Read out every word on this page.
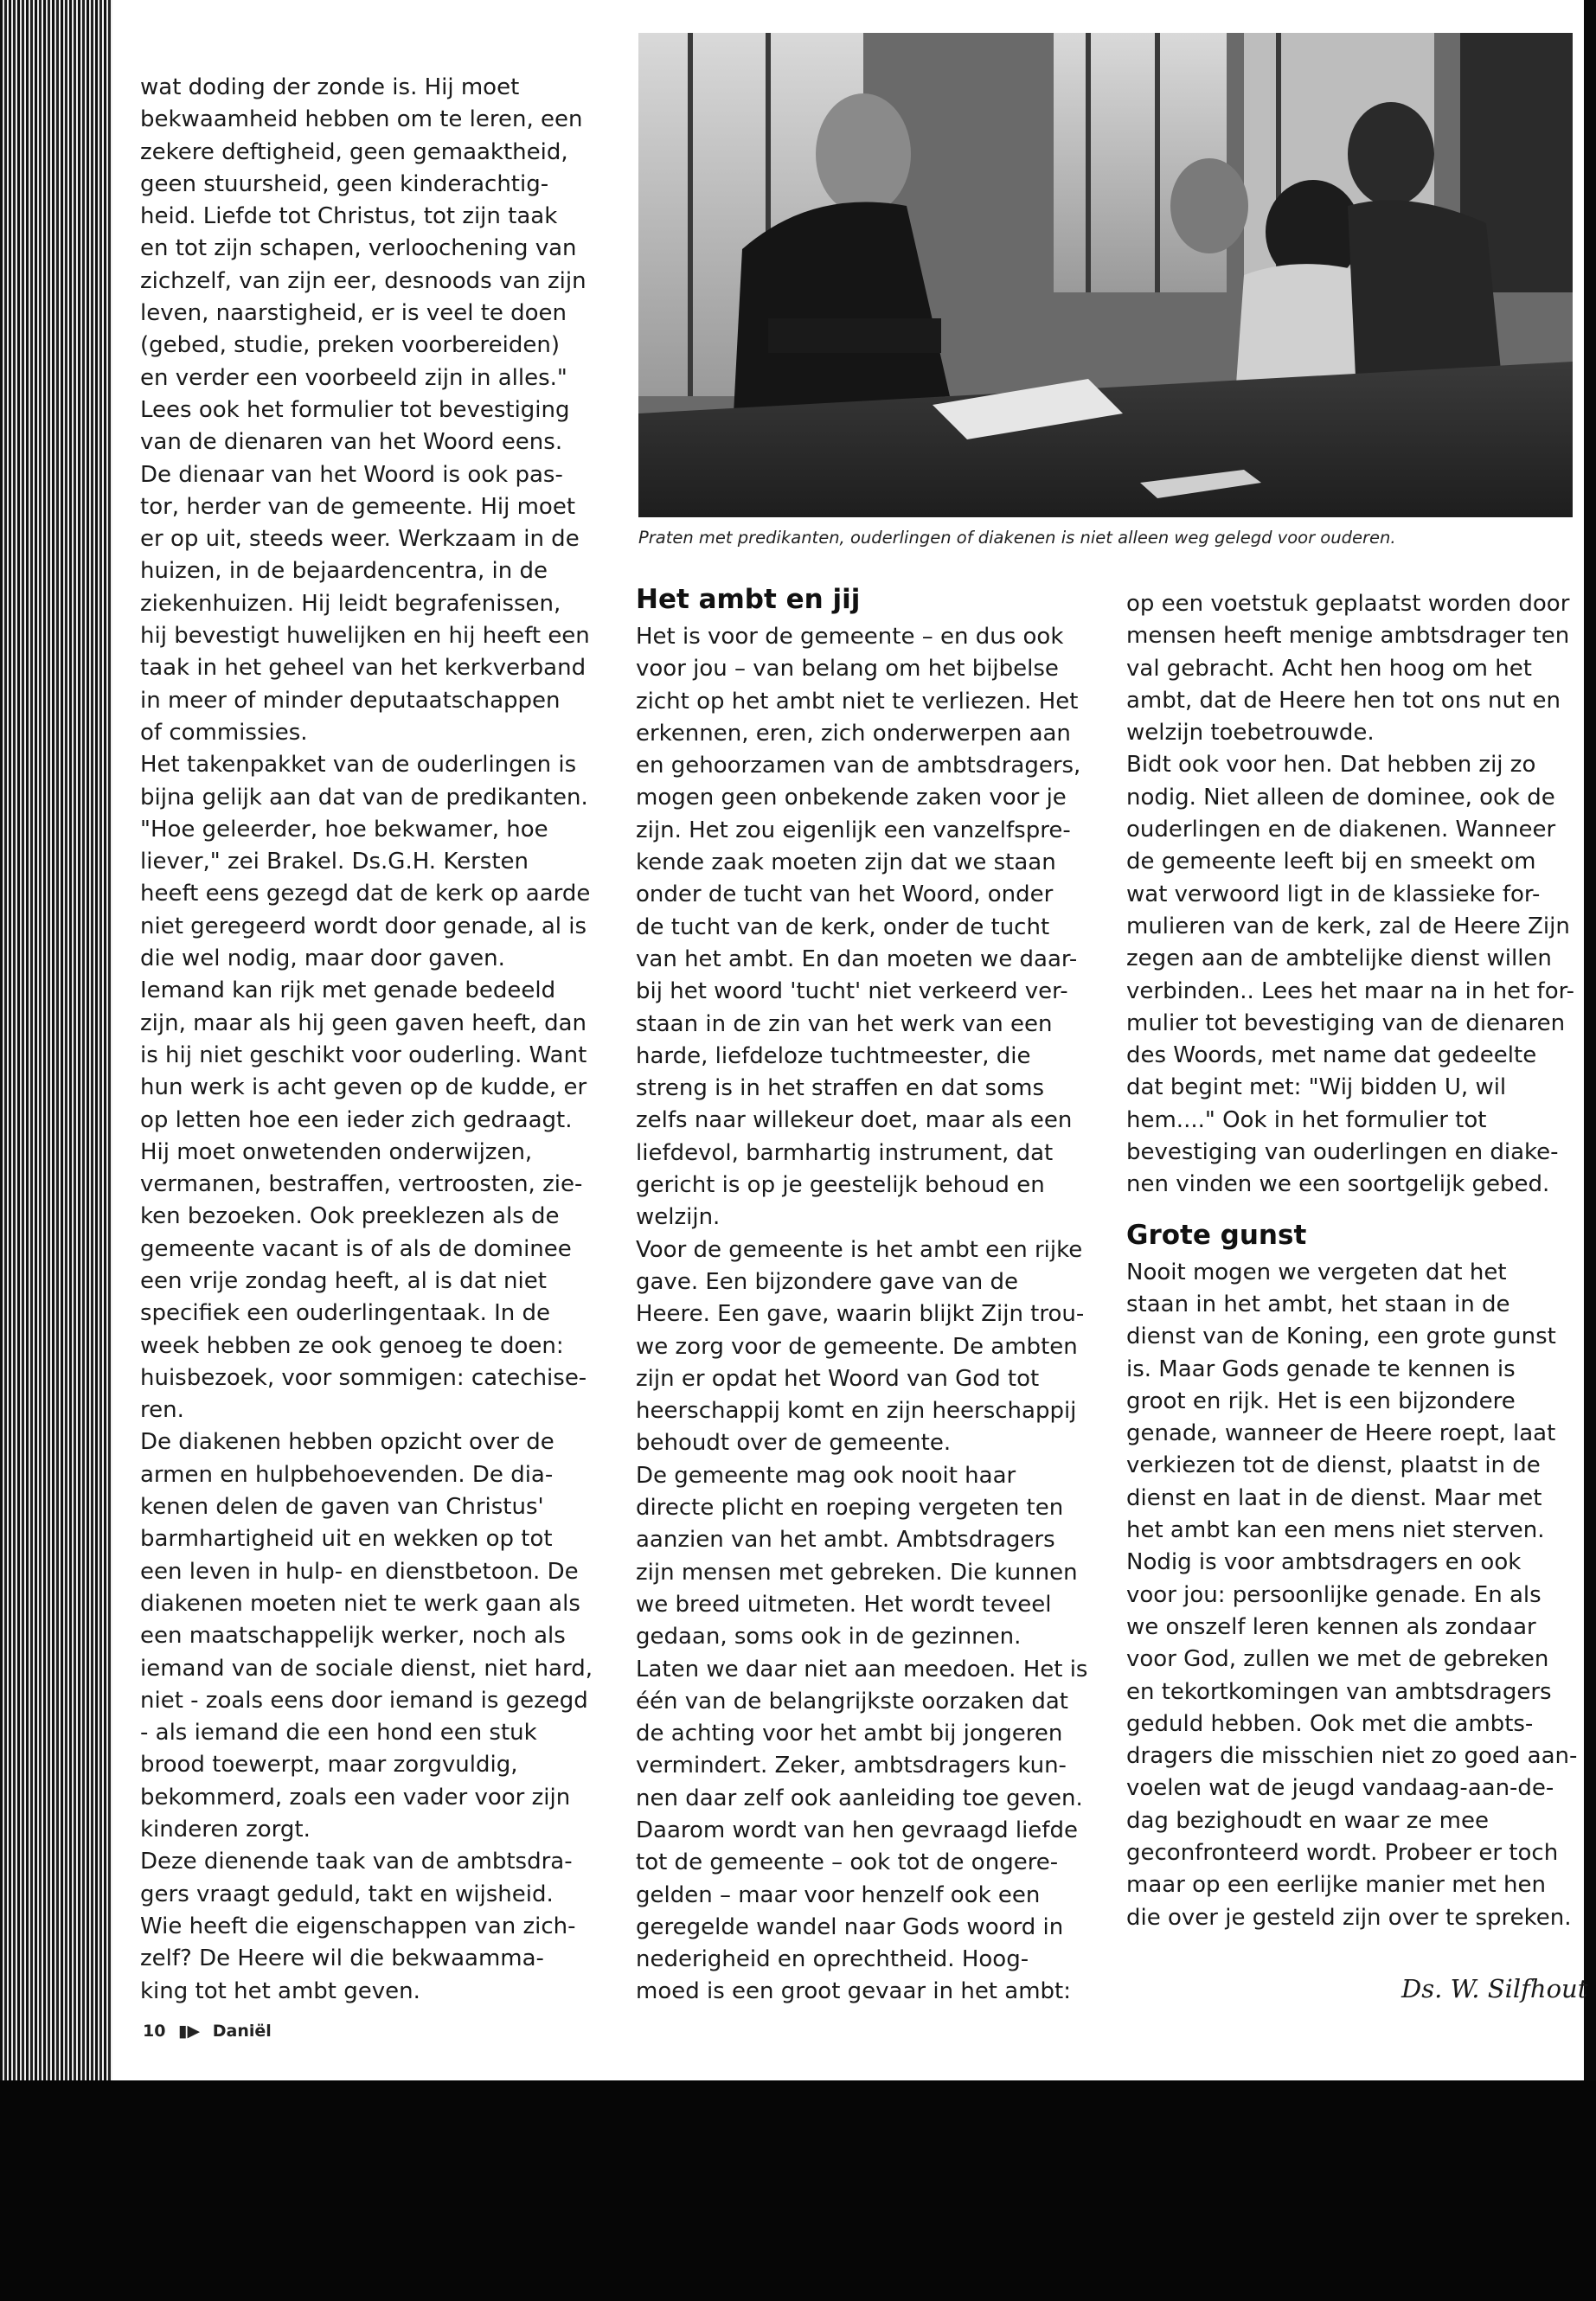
Praten met predikanten, ouderlingen of diakenen is niet alleen weg gelegd voor ouderen.

wat doding der zonde is. Hij moet

bekwaamheid hebben om te leren, een

zekere deftigheid, geen gemaaktheid,

geen stuursheid, geen kinderachtig-

heid. Liefde tot Christus, tot zijn taak

en tot zijn schapen, verloochening van

zichzelf, van zijn eer, desnoods van zijn

leven, naarstigheid, er is veel te doen

(gebed, studie, preken voorbereiden)

en verder een voorbeeld zijn in alles."

Lees ook het formulier tot bevestiging

van de dienaren van het Woord eens.

De dienaar van het Woord is ook pas-

tor, herder van de gemeente. Hij moet

er op uit, steeds weer. Werkzaam in de

huizen, in de bejaardencentra, in de

ziekenhuizen. Hij leidt begrafenissen,

hij bevestigt huwelijken en hij heeft een

taak in het geheel van het kerkverband

in meer of minder deputaatschappen

of commissies.

Het takenpakket van de ouderlingen is

bijna gelijk aan dat van de predikanten.

"Hoe geleerder, hoe bekwamer, hoe

liever," zei Brakel. Ds.G.H. Kersten

heeft eens gezegd dat de kerk op aarde

niet geregeerd wordt door genade, al is

die wel nodig, maar door gaven.

Iemand kan rijk met genade bedeeld

zijn, maar als hij geen gaven heeft, dan

is hij niet geschikt voor ouderling. Want

hun werk is acht geven op de kudde, er

op letten hoe een ieder zich gedraagt.

Hij moet onwetenden onderwijzen,

vermanen, bestraffen, vertroosten, zie-

ken bezoeken. Ook preeklezen als de

gemeente vacant is of als de dominee

een vrije zondag heeft, al is dat niet

specifiek een ouderlingentaak. In de

week hebben ze ook genoeg te doen:

huisbezoek, voor sommigen: catechise-

ren.

De diakenen hebben opzicht over de

armen en hulpbehoevenden. De dia-

kenen delen de gaven van Christus'

barmhartigheid uit en wekken op tot

een leven in hulp- en dienstbetoon. De

diakenen moeten niet te werk gaan als

een maatschappelijk werker, noch als

iemand van de sociale dienst, niet hard,

niet - zoals eens door iemand is gezegd

- als iemand die een hond een stuk

brood toewerpt, maar zorgvuldig,

bekommerd, zoals een vader voor zijn

kinderen zorgt.

Deze dienende taak van de ambtsdra-

gers vraagt geduld, takt en wijsheid.

Wie heeft die eigenschappen van zich-

zelf? De Heere wil die bekwaamma-

king tot het ambt geven.

Het ambt en jij

Het is voor de gemeente – en dus ook

voor jou – van belang om het bijbelse

zicht op het ambt niet te verliezen. Het

erkennen, eren, zich onderwerpen aan

en gehoorzamen van de ambtsdragers,

mogen geen onbekende zaken voor je

zijn. Het zou eigenlijk een vanzelfspre-

kende zaak moeten zijn dat we staan

onder de tucht van het Woord, onder

de tucht van de kerk, onder de tucht

van het ambt. En dan moeten we daar-

bij het woord 'tucht' niet verkeerd ver-

staan in de zin van het werk van een

harde, liefdeloze tuchtmeester, die

streng is in het straffen en dat soms

zelfs naar willekeur doet, maar als een

liefdevol, barmhartig instrument, dat

gericht is op je geestelijk behoud en

welzijn.

Voor de gemeente is het ambt een rijke

gave. Een bijzondere gave van de

Heere. Een gave, waarin blijkt Zijn trou-

we zorg voor de gemeente. De ambten

zijn er opdat het Woord van God tot

heerschappij komt en zijn heerschappij

behoudt over de gemeente.

De gemeente mag ook nooit haar

directe plicht en roeping vergeten ten

aanzien van het ambt. Ambtsdragers

zijn mensen met gebreken. Die kunnen

we breed uitmeten. Het wordt teveel

gedaan, soms ook in de gezinnen.

Laten we daar niet aan meedoen. Het is

één van de belangrijkste oorzaken dat

de achting voor het ambt bij jongeren

vermindert. Zeker, ambtsdragers kun-

nen daar zelf ook aanleiding toe geven.

Daarom wordt van hen gevraagd liefde

tot de gemeente – ook tot de ongere-

gelden – maar voor henzelf ook een

geregelde wandel naar Gods woord in

nederigheid en oprechtheid. Hoog-

moed is een groot gevaar in het ambt:

op een voetstuk geplaatst worden door

mensen heeft menige ambtsdrager ten

val gebracht. Acht hen hoog om het

ambt, dat de Heere hen tot ons nut en

welzijn toebetrouwde.

Bidt ook voor hen. Dat hebben zij zo

nodig. Niet alleen de dominee, ook de

ouderlingen en de diakenen. Wanneer

de gemeente leeft bij en smeekt om

wat verwoord ligt in de klassieke for-

mulieren van de kerk, zal de Heere Zijn

zegen aan de ambtelijke dienst willen

verbinden.. Lees het maar na in het for-

mulier tot bevestiging van de dienaren

des Woords, met name dat gedeelte

dat begint met: "Wij bidden U, wil

hem...." Ook in het formulier tot

bevestiging van ouderlingen en diake-

nen vinden we een soortgelijk gebed.

Grote gunst

Nooit mogen we vergeten dat het

staan in het ambt, het staan in de

dienst van de Koning, een grote gunst

is. Maar Gods genade te kennen is

groot en rijk. Het is een bijzondere

genade, wanneer de Heere roept, laat

verkiezen tot de dienst, plaatst in de

dienst en laat in de dienst. Maar met

het ambt kan een mens niet sterven.

Nodig is voor ambtsdragers en ook

voor jou: persoonlijke genade. En als

we onszelf leren kennen als zondaar

voor God, zullen we met de gebreken

en tekortkomingen van ambtsdragers

geduld hebben. Ook met die ambts-

dragers die misschien niet zo goed aan-

voelen wat de jeugd vandaag-aan-de-

dag bezighoudt en waar ze mee

geconfronteerd wordt. Probeer er toch

maar op een eerlijke manier met hen

die over je gesteld zijn over te spreken.

Ds. W. Silfhout
10 ▮▶ Daniël
